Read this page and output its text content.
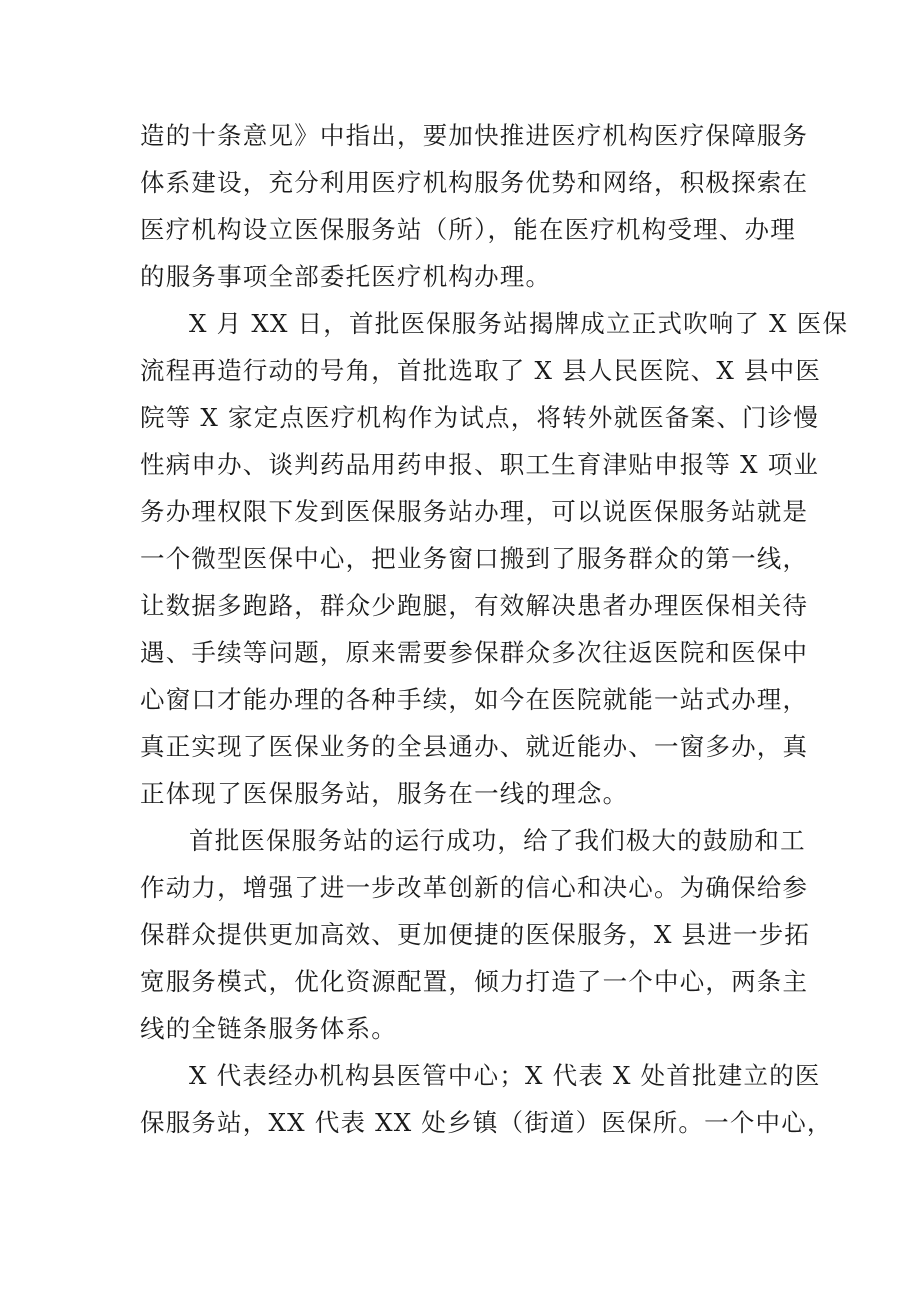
造的十条意见》中指出，要加快推进医疗机构医疗保障服务
体系建设，充分利用医疗机构服务优势和网络，积极探索在
医疗机构设立医保服务站（所），能在医疗机构受理、办理
的服务事项全部委托医疗机构办理。
X 月 XX 日，首批医保服务站揭牌成立正式吹响了 X 医保
流程再造行动的号角，首批选取了 X 县人民医院、X 县中医
院等 X 家定点医疗机构作为试点，将转外就医备案、门诊慢
性病申办、谈判药品用药申报、职工生育津贴申报等 X 项业
务办理权限下发到医保服务站办理，可以说医保服务站就是
一个微型医保中心，把业务窗口搬到了服务群众的第一线，
让数据多跑路，群众少跑腿，有效解决患者办理医保相关待
遇、手续等问题，原来需要参保群众多次往返医院和医保中
心窗口才能办理的各种手续，如今在医院就能一站式办理，
真正实现了医保业务的全县通办、就近能办、一窗多办，真
正体现了医保服务站，服务在一线的理念。
首批医保服务站的运行成功，给了我们极大的鼓励和工
作动力，增强了进一步改革创新的信心和决心。为确保给参
保群众提供更加高效、更加便捷的医保服务，X 县进一步拓
宽服务模式，优化资源配置，倾力打造了一个中心，两条主
线的全链条服务体系。
X 代表经办机构县医管中心；X 代表 X 处首批建立的医
保服务站，XX 代表 XX 处乡镇（街道）医保所。一个中心，
